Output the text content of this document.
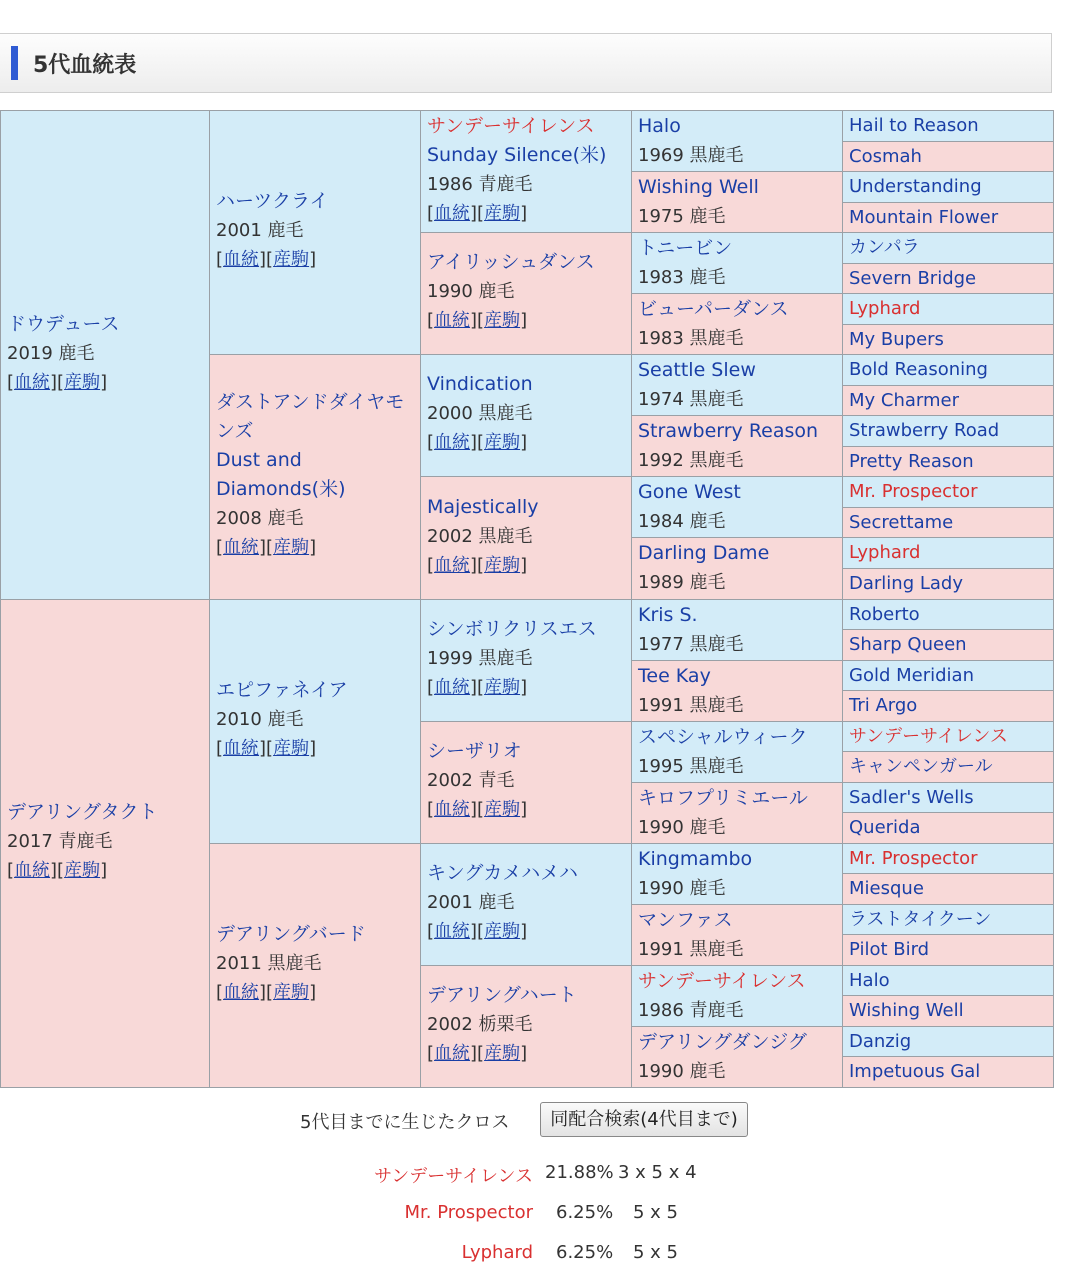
5代血統表
ドウデュース
2019 鹿毛
[血統][産駒]
デアリングタクト
2017 青鹿毛
[血統][産駒]
ハーツクライ
2001 鹿毛
[血統][産駒]
ダストアンドダイヤモンズ
Dust and Diamonds(米)
2008 鹿毛
[血統][産駒]
エピファネイア
2010 鹿毛
[血統][産駒]
デアリングバード
2011 黒鹿毛
[血統][産駒]
サンデーサイレンス
Sunday Silence(米)
1986 青鹿毛
[血統][産駒]
アイリッシュダンス
1990 鹿毛
[血統][産駒]
Vindication
2000 黒鹿毛
[血統][産駒]
Majestically
2002 黒鹿毛
[血統][産駒]
シンボリクリスエス
1999 黒鹿毛
[血統][産駒]
シーザリオ
2002 青毛
[血統][産駒]
キングカメハメハ
2001 鹿毛
[血統][産駒]
デアリングハート
2002 栃栗毛
[血統][産駒]
Halo
1969 黒鹿毛
Wishing Well
1975 鹿毛
トニービン
1983 鹿毛
ビューパーダンス
1983 黒鹿毛
Seattle Slew
1974 黒鹿毛
Strawberry Reason
1992 黒鹿毛
Gone West
1984 鹿毛
Darling Dame
1989 鹿毛
Kris S.
1977 黒鹿毛
Tee Kay
1991 黒鹿毛
スペシャルウィーク
1995 黒鹿毛
キロフプリミエール
1990 鹿毛
Kingmambo
1990 鹿毛
マンファス
1991 黒鹿毛
サンデーサイレンス
1986 青鹿毛
デアリングダンジグ
1990 鹿毛
Hail to Reason
Cosmah
Understanding
Mountain Flower
カンパラ
Severn Bridge
Lyphard
My Bupers
Bold Reasoning
My Charmer
Strawberry Road
Pretty Reason
Mr. Prospector
Secrettame
Lyphard
Darling Lady
Roberto
Sharp Queen
Gold Meridian
Tri Argo
サンデーサイレンス
キャンペンガール
Sadler's Wells
Querida
Mr. Prospector
Miesque
ラストタイクーン
Pilot Bird
Halo
Wishing Well
Danzig
Impetuous Gal
5代目までに生じたクロス	同配合検索(4代目まで)
サンデーサイレンス 21.88% 3 x 5 x 4
Mr. Prospector 6.25% 5 x 5
Lyphard 6.25% 5 x 5
